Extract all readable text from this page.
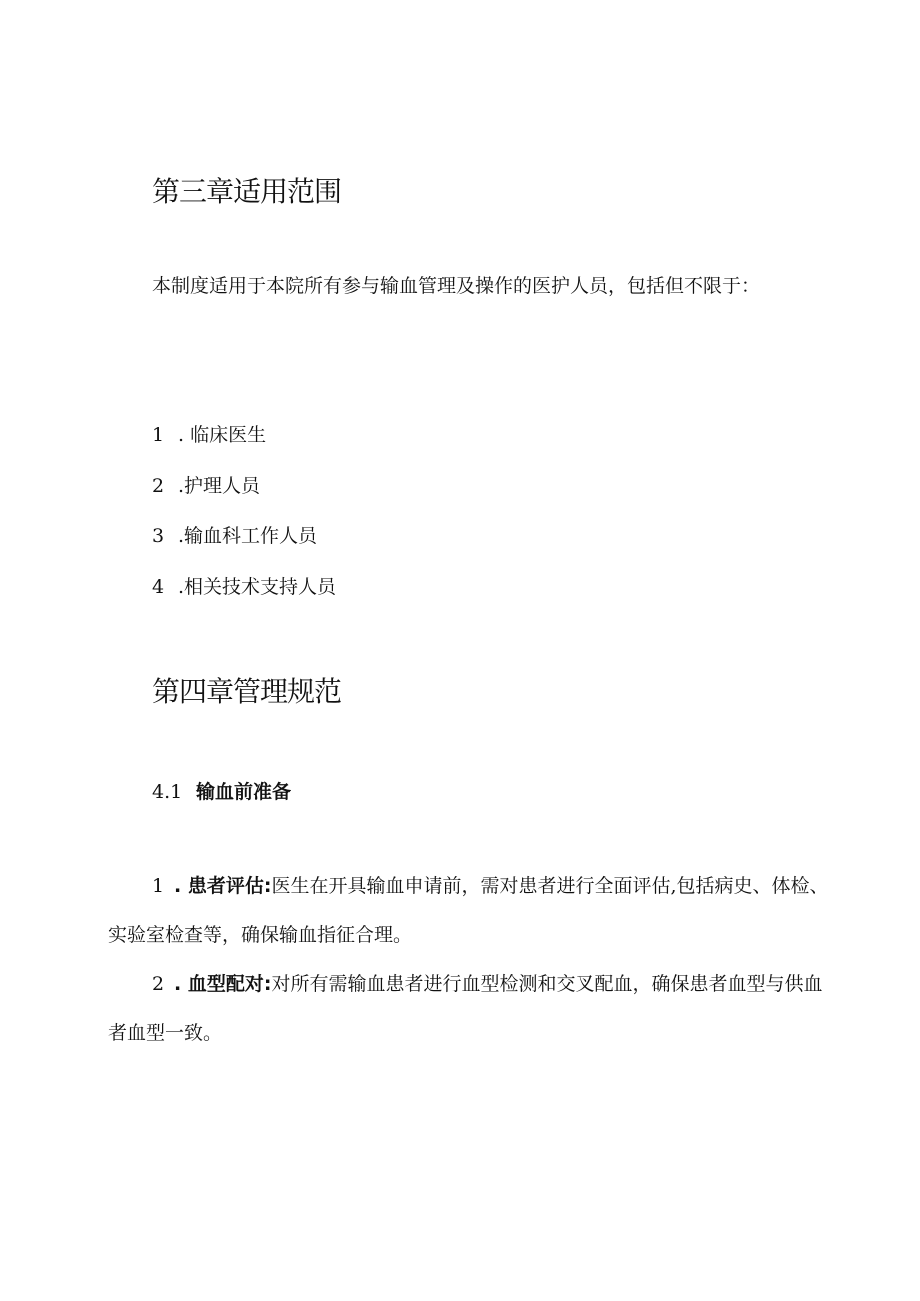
第三章适用范围

本制度适用于本院所有参与输血管理及操作的医护人员，包括但不限于：

1 . 临床医生
2 .护理人员
3 .输血科工作人员
4 .相关技术支持人员
第四章管理规范
4.1 输血前准备

1 . 患者评估:医生在开具输血申请前，需对患者进行全面评估,包括病史、体检、实验室检查等，确保输血指征合理。

2 . 血型配对:对所有需输血患者进行血型检测和交叉配血，确保患者血型与供血者血型一致。
